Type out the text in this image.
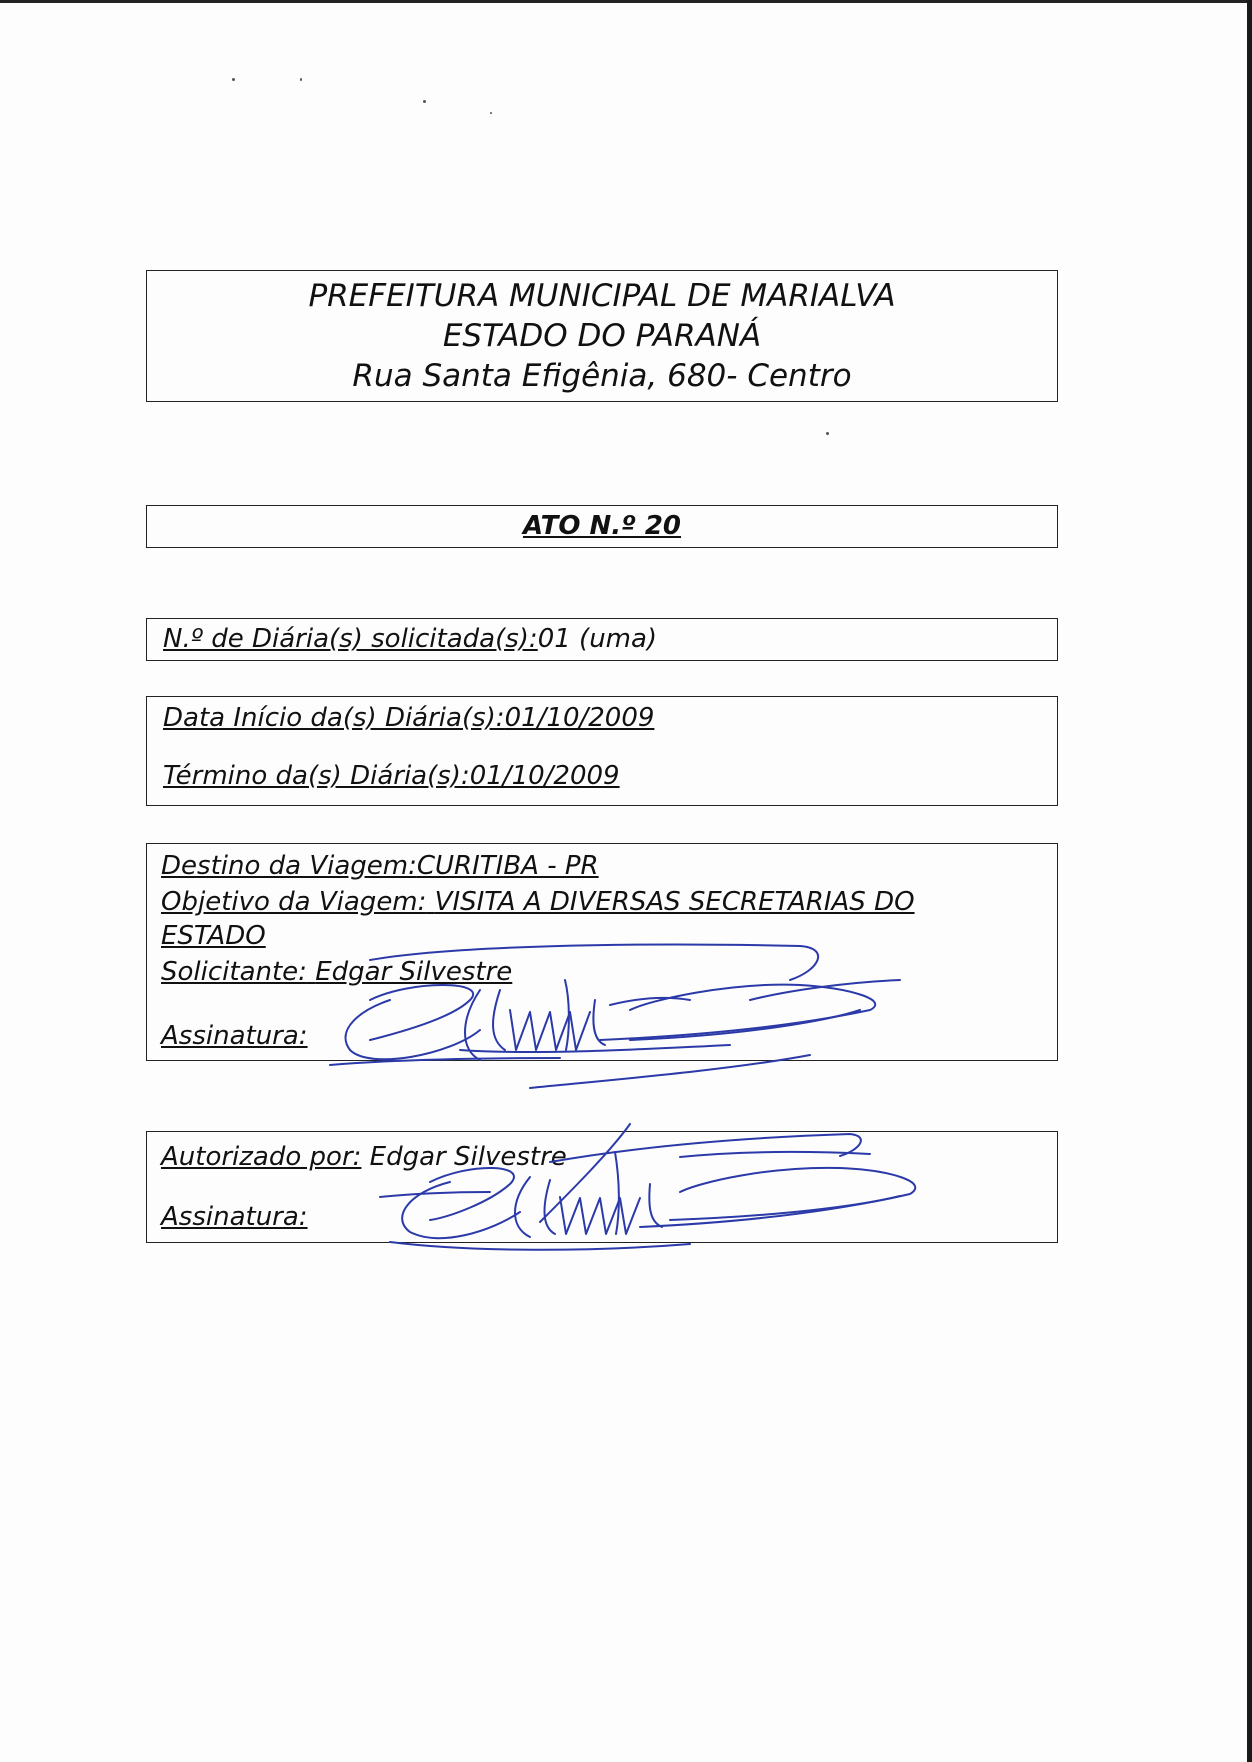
PREFEITURA MUNICIPAL DE MARIALVA
ESTADO DO PARANÁ
Rua Santa Efigênia, 680- Centro
ATO N.º 20
N.º de Diária(s) solicitada(s):01 (uma)
Data Início da(s) Diária(s):01/10/2009
Término da(s) Diária(s):01/10/2009
Destino da Viagem:CURITIBA - PR
Objetivo da Viagem: VISITA A DIVERSAS SECRETARIAS DO
ESTADO
Solicitante: Edgar Silvestre
Assinatura:
Autorizado por: Edgar Silvestre
Assinatura:
